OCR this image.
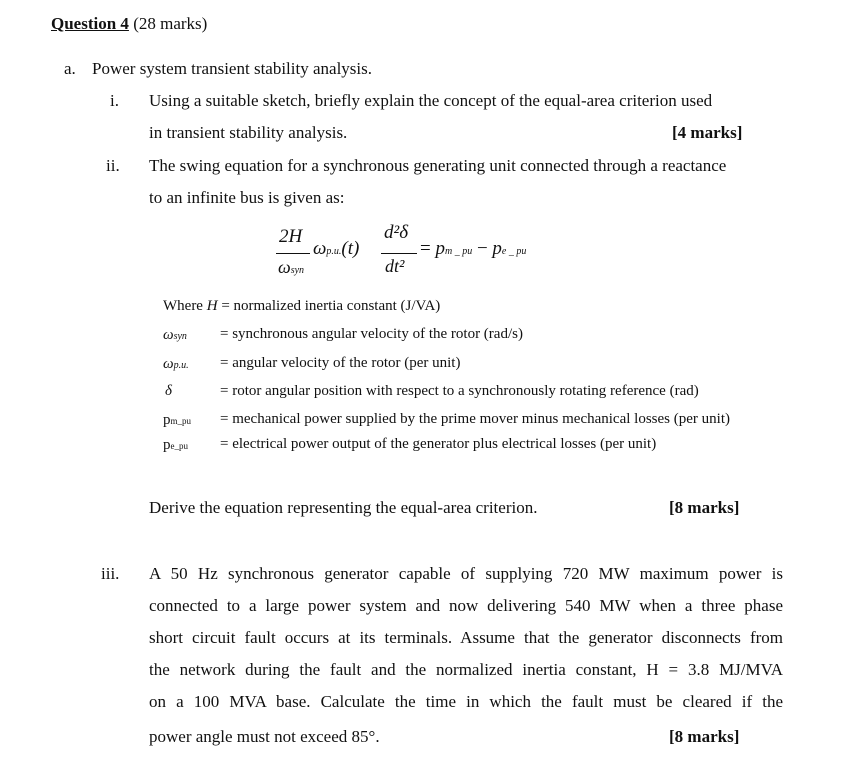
Question 4 (28 marks)
a. Power system transient stability analysis.
i. Using a suitable sketch, briefly explain the concept of the equal-area criterion used
in transient stability analysis.	[4 marks]
ii. The swing equation for a synchronous generating unit connected through a reactance
to an infinite bus is given as:
2H
ωsyn
ωp.u.(t)
d²δ
dt²
= pm _ pu − pe _ pu
Where H = normalized inertia constant (J/VA)
ωsyn = synchronous angular velocity of the rotor (rad/s)
ωp.u. = angular velocity of the rotor (per unit)
δ	= rotor angular position with respect to a synchronously rotating reference (rad)
pm_pu = mechanical power supplied by the prime mover minus mechanical losses (per unit)
pe_pu = electrical power output of the generator plus electrical losses (per unit)
Derive the equation representing the equal-area criterion.	[8 marks]
iii. A 50 Hz synchronous generator capable of supplying 720 MW maximum power is
connected to a large power system and now delivering 540 MW when a three phase
short circuit fault occurs at its terminals. Assume that the generator disconnects from
the network during the fault and the normalized inertia constant, H = 3.8 MJ/MVA
on a 100 MVA base. Calculate the time in which the fault must be cleared if the
power angle must not exceed 85°.	[8 marks]
